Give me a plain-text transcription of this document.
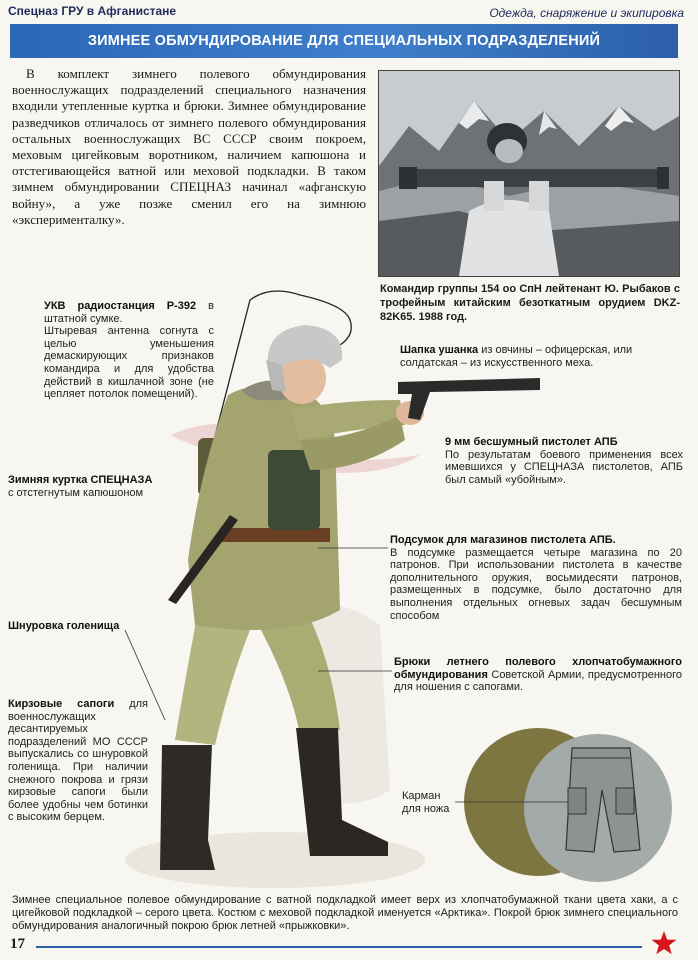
Спецназ ГРУ в Афганистане	Одежда, снаряжение и экипировка
ЗИМНЕЕ ОБМУНДИРОВАНИЕ ДЛЯ СПЕЦИАЛЬНЫХ ПОДРАЗДЕЛЕНИЙ
В комплект зимнего полевого обмундирования военнослужащих подразделений специального назначения входили утепленные куртка и брюки. Зимнее обмундирование разведчиков отличалось от зимнего полевого обмундирования остальных военнослужащих ВС СССР своим покроем, меховым цигейковым воротником, наличием капюшона и отстегивающейся ватной или меховой подкладки. В таком зимнем обмундировании СПЕЦНАЗ начинал «афганскую войну», а уже позже сменил его на зимнюю «эксперименталку».
Командир группы 154 оо СпН лейтенант Ю. Рыбаков с трофейным китайским безоткатным орудием DKZ-82K65. 1988 год.
УКВ радиостанция Р-392 в штатной сумке.
Штыревая антенна согнута с целью уменьшения демаскирующих признаков командира и для удобства действий в кишлачной зоне (не цепляет потолок помещений).
Зимняя куртка СПЕЦНАЗА
с отстегнутым капюшоном
Шнуровка голенища
Кирзовые сапоги для военнослужащих десантируемых подразделений МО СССР выпускались со шнуровкой голенища. При наличии снежного покрова и грязи кирзовые сапоги были более удобны чем ботинки с высоким берцем.
Шапка ушанка из овчины – офицерская, или солдатская – из искусственного меха.
9 мм бесшумный пистолет АПБ
По результатам боевого применения всех имевшихся у СПЕЦНАЗА пистолетов, АПБ был самый «убойным».
Подсумок для магазинов пистолета АПБ.
В подсумке размещается четыре магазина по 20 патронов. При использовании пистолета в качестве дополнительного оружия, восьмидесяти патронов, размещенных в подсумке, было достаточно для выполнения отдельных огневых задач бесшумным способом
Брюки летнего полевого хлопчатобумажного обмундирования Советской Армии, предусмотренного для ношения с сапогами.
Карман
для ножа
Зимнее специальное полевое обмундирование с ватной подкладкой имеет верх из хлопчатобумажной ткани цвета хаки, а с цигейковой подкладкой – серого цвета. Костюм с меховой подкладкой именуется «Арктика». Покрой брюк зимнего специального обмундирования аналогичный покрою брюк летней «прыжковки».
17
